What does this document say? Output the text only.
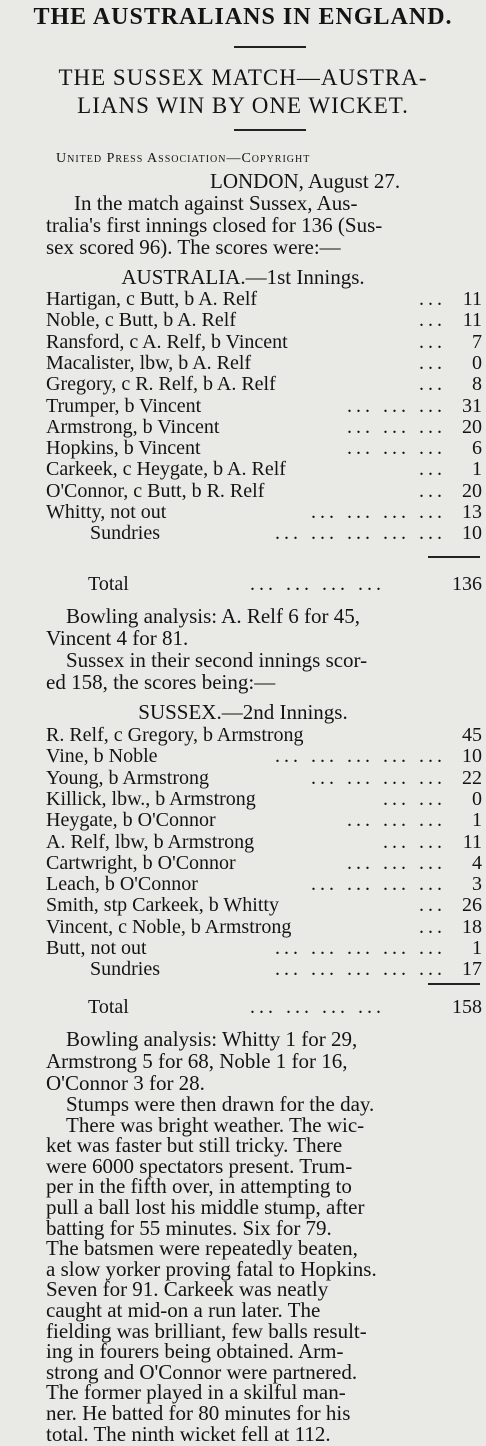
THE AUSTRALIANS IN ENGLAND.
THE SUSSEX MATCH—AUSTRA-
LIANS WIN BY ONE WICKET.
United Press Association—Copyright
LONDON, August 27.
In the match against Sussex, Aus-
tralia's first innings closed for 136 (Sus-
sex scored 96). The scores were:—
AUSTRALIA.—1st Innings.
Hartigan, c Butt, b A. Relf	... 11
Noble, c Butt, b A. Relf	... 11
Ransford, c A. Relf, b Vincent	... 7
Macalister, lbw, b A. Relf	... 0
Gregory, c R. Relf, b A. Relf	... 8
Trumper, b Vincent	... ... ... 31
Armstrong, b Vincent	... ... ... 20
Hopkins, b Vincent	... ... ... 6
Carkeek, c Heygate, b A. Relf	... 1
O'Connor, c Butt, b R. Relf	... 20
Whitty, not out	... ... ... ... 13
Sundries	... ... ... ... ... 10
Total	... ... ... ...	136
Bowling analysis: A. Relf 6 for 45,
Vincent 4 for 81.
Sussex in their second innings scor-
ed 158, the scores being:—
SUSSEX.—2nd Innings.
R. Relf, c Gregory, b Armstrong	45
Vine, b Noble	... ... ... ... ... 10
Young, b Armstrong	... ... ... ... 22
Killick, lbw., b Armstrong	... ... 0
Heygate, b O'Connor	... ... ... 1
A. Relf, lbw, b Armstrong	... ... 11
Cartwright, b O'Connor	... ... ... 4
Leach, b O'Connor	... ... ... ... 3
Smith, stp Carkeek, b Whitty	... 26
Vincent, c Noble, b Armstrong	... 18
Butt, not out	... ... ... ... ... 1
Sundries	... ... ... ... ... 17
Total	... ... ... ...	158
Bowling analysis: Whitty 1 for 29,
Armstrong 5 for 68, Noble 1 for 16,
O'Connor 3 for 28.
Stumps were then drawn for the day.
There was bright weather. The wic-
ket was faster but still tricky. There
were 6000 spectators present. Trum-
per in the fifth over, in attempting to
pull a ball lost his middle stump, after
batting for 55 minutes. Six for 79.
The batsmen were repeatedly beaten,
a slow yorker proving fatal to Hopkins.
Seven for 91. Carkeek was neatly
caught at mid-on a run later. The
fielding was brilliant, few balls result-
ing in fourers being obtained. Arm-
strong and O'Connor were partnered.
The former played in a skilful man-
ner. He batted for 80 minutes for his
total. The ninth wicket fell at 112.
